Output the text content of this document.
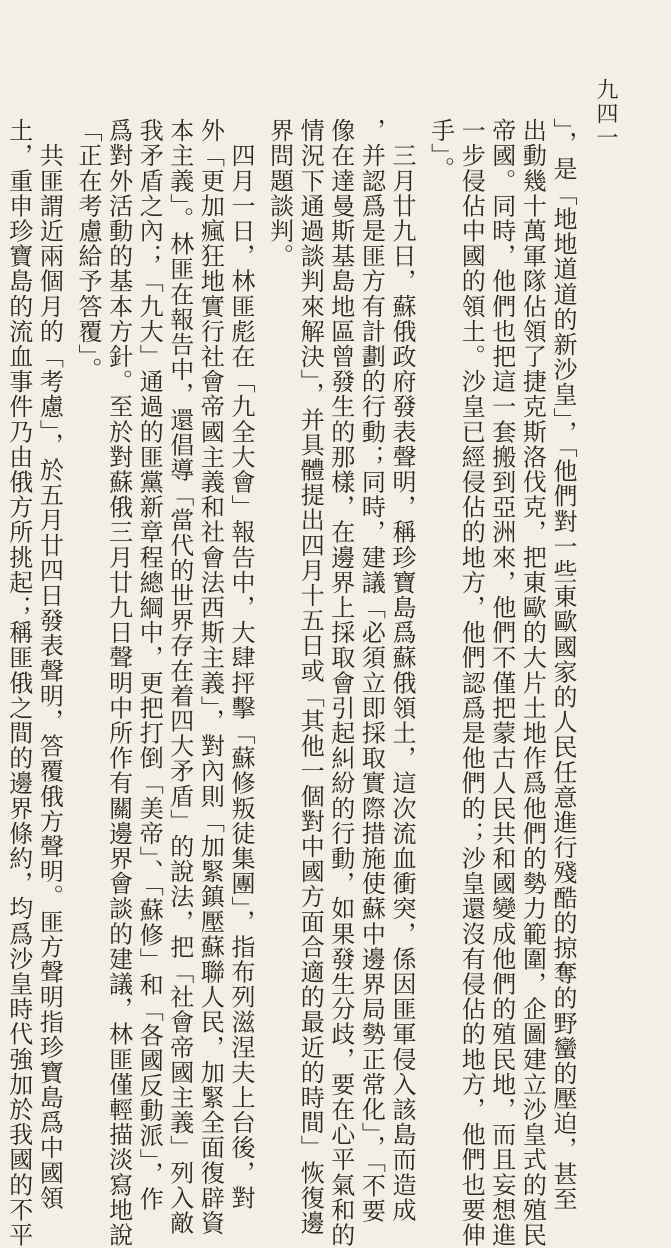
九四一
」，是「地地道道的新沙皇」，「他們對一些東歐國家的人民任意進行殘酷的掠奪的野蠻的壓迫，甚至
出動幾十萬軍隊佔領了捷克斯洛伐克，把東歐的大片土地作爲他們的勢力範圍，企圖建立沙皇式的殖民
帝國。同時，他們也把這一套搬到亞洲來，他們不僅把蒙古人民共和國變成他們的殖民地，而且妄想進
一步侵佔中國的領土。沙皇已經侵佔的地方，他們認爲是他們的；沙皇還沒有侵佔的地方，他們也要伸
手」。
　三月廿九日，蘇俄政府發表聲明，稱珍寶島爲蘇俄領土，這次流血衝突，係因匪軍侵入該島而造成
，并認爲是匪方有計劃的行動；同時，建議「必須立即採取實際措施使蘇中邊界局勢正常化」，「不要
像在達曼斯基島地區曾發生的那樣，在邊界上採取會引起糾紛的行動，如果發生分歧，要在心平氣和的
情況下通過談判來解決」，并具體提出四月十五日或「其他一個對中國方面合適的最近的時間」恢復邊
界問題談判。
　四月一日，林匪彪在「九全大會」報告中，大肆抨擊「蘇修叛徒集團」，指布列滋涅夫上台後，對
外「更加瘋狂地實行社會帝國主義和社會法西斯主義」，對內則「加緊鎮壓蘇聯人民，加緊全面復辟資
本主義」。林匪在報告中，還倡導「當代的世界存在着四大矛盾」的說法，把「社會帝國主義」列入敵
我矛盾之內；「九大」通過的匪黨新章程總綱中，更把打倒「美帝」、「蘇修」和「各國反動派」，作
爲對外活動的基本方針。至於對蘇俄三月廿九日聲明中所作有關邊界會談的建議，林匪僅輕描淡寫地說
「正在考慮給予答覆」。
　共匪謂近兩個月的「考慮」，於五月廿四日發表聲明，答覆俄方聲明。匪方聲明指珍寶島爲中國領
土，重申珍寶島的流血事件乃由俄方所挑起；稱匪俄之間的邊界條約，均爲沙皇時代強加於我國的不平
